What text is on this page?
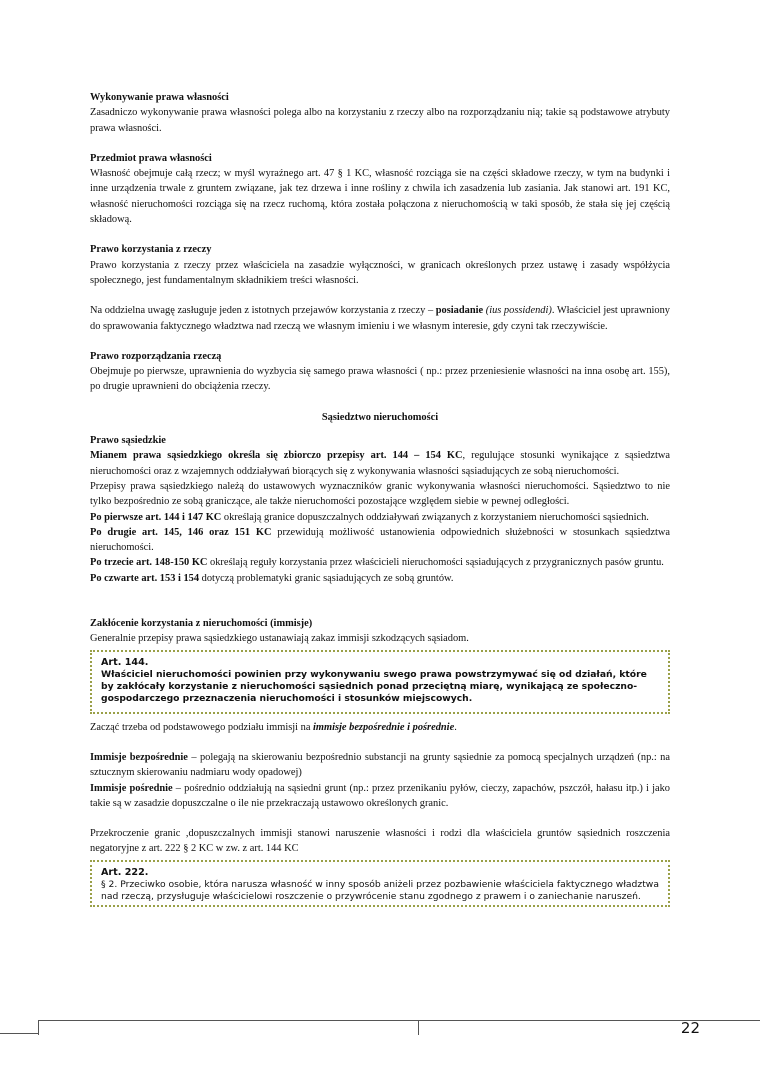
Wykonywanie prawa własności

Zasadniczo wykonywanie prawa własności polega albo na korzystaniu z rzeczy albo na rozporządzaniu nią; takie są podstawowe atrybuty prawa własności.

Przedmiot prawa własności

Własność obejmuje całą rzecz; w myśl wyraźnego art. 47 § 1 KC, własność rozciąga sie na części składowe rzeczy, w tym na budynki i inne urządzenia trwale z gruntem związane, jak tez drzewa i inne rośliny z chwila ich zasadzenia lub zasiania. Jak stanowi art. 191 KC, własność nieruchomości rozciąga się na rzecz ruchomą, która została połączona z nieruchomością w taki sposób, że stała się jej częścią składową.

Prawo korzystania z rzeczy

Prawo korzystania z rzeczy przez właściciela na zasadzie wyłączności, w granicach określonych przez ustawę i zasady współżycia społecznego, jest fundamentalnym składnikiem treści własności.

Na oddzielna uwagę zasługuje jeden z istotnych przejawów korzystania z rzeczy – posiadanie (ius possidendi). Właściciel jest uprawniony do sprawowania faktycznego władztwa nad rzeczą we własnym imieniu i we własnym interesie, gdy czyni tak rzeczywiście.

Prawo rozporządzania rzeczą

Obejmuje po pierwsze, uprawnienia do wyzbycia się samego prawa własności ( np.: przez przeniesienie własności na inna osobę art. 155), po drugie uprawnieni do obciążenia rzeczy.

Sąsiedztwo nieruchomości

Prawo sąsiedzkie

Mianem prawa sąsiedzkiego określa się zbiorczo przepisy art. 144 – 154 KC, regulujące stosunki wynikające z sąsiedztwa nieruchomości oraz z wzajemnych oddziaływań biorących się z wykonywania własności sąsiadujących ze sobą nieruchomości.

Przepisy prawa sąsiedzkiego należą do ustawowych wyznaczników granic wykonywania własności nieruchomości. Sąsiedztwo to nie tylko bezpośrednio ze sobą graniczące, ale także nieruchomości pozostające względem siebie w pewnej odległości.

Po pierwsze art. 144 i 147 KC określają granice dopuszczalnych oddziaływań związanych z korzystaniem nieruchomości sąsiednich.

Po drugie art. 145, 146 oraz 151 KC przewidują możliwość ustanowienia odpowiednich służebności w stosunkach sąsiedztwa nieruchomości.

Po trzecie art. 148-150 KC określają reguły korzystania przez właścicieli nieruchomości sąsiadujących z przygranicznych pasów gruntu.

Po czwarte art. 153 i 154 dotyczą problematyki granic sąsiadujących ze sobą gruntów.

Zakłócenie korzystania z nieruchomości (immisje)

Generalnie przepisy prawa sąsiedzkiego ustanawiają zakaz immisji szkodzących sąsiadom.

Art. 144.
Właściciel nieruchomości powinien przy wykonywaniu swego prawa powstrzymywać się od działań, które by zakłócały korzystanie z nieruchomości sąsiednich ponad przeciętną miarę, wynikającą ze społeczno-gospodarczego przeznaczenia nieruchomości i stosunków miejscowych.

Zacząć trzeba od podstawowego podziału immisji na immisje bezpośrednie i pośrednie.

Immisje bezpośrednie – polegają na skierowaniu bezpośrednio substancji na grunty sąsiednie za pomocą specjalnych urządzeń (np.: na sztucznym skierowaniu nadmiaru wody opadowej)

Immisje pośrednie – pośrednio oddziałują na sąsiedni grunt (np.: przez przenikaniu pyłów, cieczy, zapachów, pszczół, hałasu itp.) i jako takie są w zasadzie dopuszczalne o ile nie przekraczają ustawowo określonych granic.

Przekroczenie granic ,dopuszczalnych immisji stanowi naruszenie własności i rodzi dla właściciela gruntów sąsiednich roszczenia negatoryjne z art. 222 § 2 KC w zw. z art. 144 KC

Art. 222.
§ 2. Przeciwko osobie, która narusza własność w inny sposób aniżeli przez pozbawienie właściciela faktycznego władztwa nad rzeczą, przysługuje właścicielowi roszczenie o przywrócenie stanu zgodnego z prawem i o zaniechanie naruszeń.
22
